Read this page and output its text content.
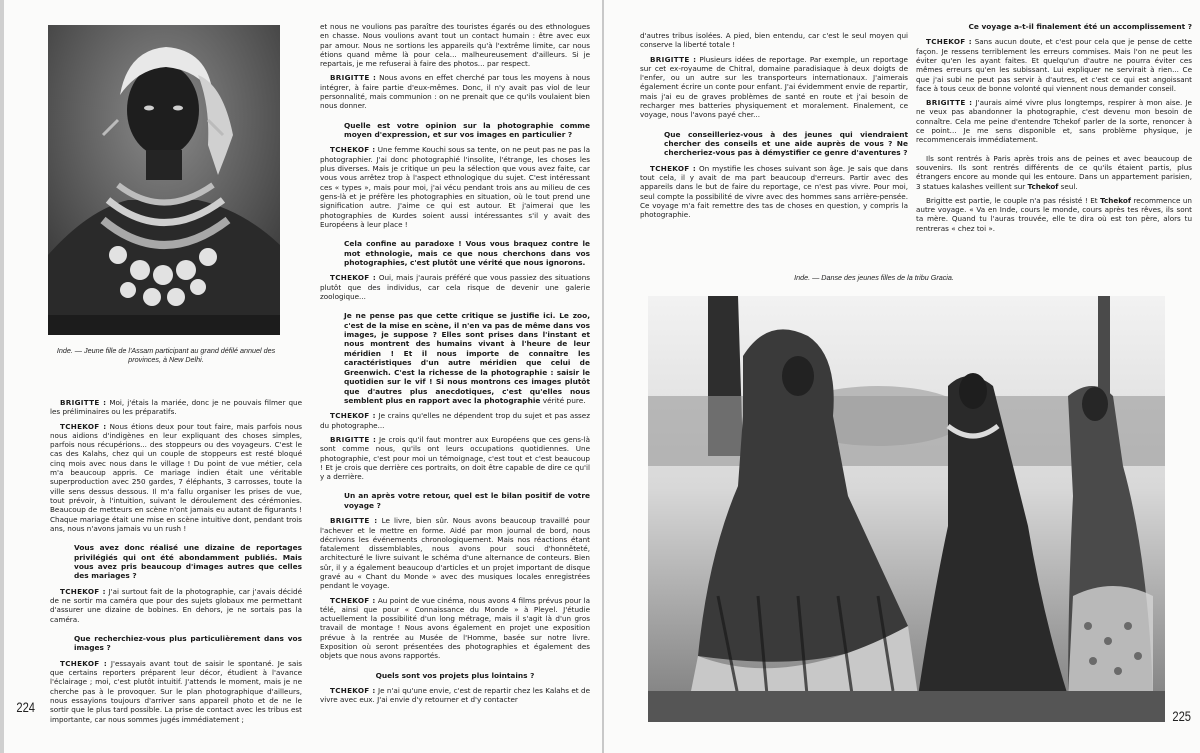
Inde. — Jeune fille de l'Assam participant au grand défilé annuel des provinces, à New Delhi.

BRIGITTE : Moi, j'étais la mariée, donc je ne pouvais filmer que les préliminaires ou les préparatifs.

TCHEKOF : Nous étions deux pour tout faire, mais parfois nous nous aidions d'indigènes en leur expliquant des choses simples, parfois nous récupérions... des stoppeurs ou des voyageurs. C'est le cas des Kalahs, chez qui un couple de stoppeurs est resté bloqué cinq mois avec nous dans le village ! Du point de vue métier, cela m'a beaucoup appris. Ce mariage indien était une véritable superproduction avec 250 gardes, 7 éléphants, 3 carrosses, toute la ville sens dessus dessous. Il m'a fallu organiser les prises de vue, tout prévoir, à l'intuition, suivant le déroulement des cérémonies. Beaucoup de metteurs en scène n'ont jamais eu autant de figurants ! Chaque mariage était une mise en scène intuitive dont, pendant trois ans, nous n'avons jamais vu un rush !

Vous avez donc réalisé une dizaine de reportages privilégiés qui ont été abondamment publiés. Mais vous avez pris beaucoup d'images autres que celles des mariages ?

TCHEKOF : J'ai surtout fait de la photographie, car j'avais décidé de ne sortir ma caméra que pour des sujets globaux me permettant d'assurer une dizaine de bobines. En dehors, je ne sortais pas la caméra.

Que recherchiez-vous plus particulièrement dans vos images ?

TCHEKOF : J'essayais avant tout de saisir le spontané. Je sais que certains reporters préparent leur décor, étudient à l'avance l'éclairage ; moi, c'est plutôt intuitif. J'attends le moment, mais je ne cherche pas à le provoquer. Sur le plan photographique d'ailleurs, nous essayions toujours d'arriver sans appareil photo et de ne le sortir que le plus tard possible. La prise de contact avec les tribus est importante, car nous sommes jugés immédiatement ;

et nous ne voulions pas paraître des touristes égarés ou des ethnologues en chasse. Nous voulions avant tout un contact humain : être avec eux par amour. Nous ne sortions les appareils qu'à l'extrême limite, car nous étions quand même là pour cela... malheureusement d'ailleurs. Si je repartais, je me refuserai à faire des photos... par respect.

BRIGITTE : Nous avons en effet cherché par tous les moyens à nous intégrer, à faire partie d'eux-mêmes. Donc, il n'y avait pas viol de leur personnalité, mais communion : on ne prenait que ce qu'ils voulaient bien nous donner.

Quelle est votre opinion sur la photographie comme moyen d'expression, et sur vos images en particulier ?

TCHEKOF : Une femme Kouchi sous sa tente, on ne peut pas ne pas la photographier. J'ai donc photographié l'insolite, l'étrange, les choses les plus diverses. Mais je critique un peu la sélection que vous avez faite, car vous vous arrêtez trop à l'aspect ethnologique du sujet. C'est intéressant ces « types », mais pour moi, j'ai vécu pendant trois ans au milieu de ces gens-là et je préfère les photographies en situation, où le tout prend une signification autre. J'aime ce qui est autour. Et j'aimerai que les photographies de Kurdes soient aussi intéressantes s'il y avait des Européens à leur place !

Cela confine au paradoxe ! Vous vous braquez contre le mot ethnologie, mais ce que nous cherchons dans vos photographies, c'est plutôt une vérité que nous ignorons.

TCHEKOF : Oui, mais j'aurais préféré que vous passiez des situations plutôt que des individus, car cela risque de devenir une galerie zoologique...

Je ne pense pas que cette critique se justifie ici. Le zoo, c'est de la mise en scène, il n'en va pas de même dans vos images, je suppose ? Elles sont prises dans l'instant et nous montrent des humains vivant à l'heure de leur méridien ! Et il nous importe de connaître les caractéristiques d'un autre méridien que celui de Greenwich. C'est la richesse de la photographie : saisir le quotidien sur le vif ! Si nous montrons ces images plutôt que d'autres plus anecdotiques, c'est qu'elles nous semblent plus en rapport avec la photographie vérité pure.

TCHEKOF : Je crains qu'elles ne dépendent trop du sujet et pas assez du photographe...

BRIGITTE : Je crois qu'il faut montrer aux Européens que ces gens-là sont comme nous, qu'ils ont leurs occupations quotidiennes. Une photographie, c'est pour moi un témoignage, c'est tout et c'est beaucoup ! Et je crois que derrière ces portraits, on doit être capable de dire ce qu'il y a derrière.

Un an après votre retour, quel est le bilan positif de votre voyage ?

BRIGITTE : Le livre, bien sûr. Nous avons beaucoup travaillé pour l'achever et le mettre en forme. Aidé par mon journal de bord, nous décrivons les événements chronologiquement. Mais nos réactions étant fatalement dissemblables, nous avons pour souci d'honnêteté, architecturé le livre suivant le schéma d'une alternance de conteurs. Bien sûr, il y a également beaucoup d'articles et un projet important de disque gravé au « Chant du Monde » avec des musiques locales enregistrées pendant le voyage.

TCHEKOF : Au point de vue cinéma, nous avons 4 films prévus pour la télé, ainsi que pour « Connaissance du Monde » à Pleyel. J'étudie actuellement la possibilité d'un long métrage, mais il s'agit là d'un gros travail de montage ! Nous avons également en projet une exposition prévue à la rentrée au Musée de l'Homme, basée sur notre livre. Exposition où seront présentées des photographies et également des objets que nous avons rapportés.

Quels sont vos projets plus lointains ?

TCHEKOF : Je n'ai qu'une envie, c'est de repartir chez les Kalahs et de vivre avec eux. J'ai envie d'y retourner et d'y contacter

224

d'autres tribus isolées. A pied, bien entendu, car c'est le seul moyen qui conserve la liberté totale !

BRIGITTE : Plusieurs idées de reportage. Par exemple, un reportage sur cet ex-royaume de Chitral, domaine paradisiaque à deux doigts de l'enfer, ou un autre sur les transporteurs internationaux. J'aimerais également écrire un conte pour enfant. J'ai évidemment envie de repartir, mais j'ai eu de graves problèmes de santé en route et j'ai besoin de recharger mes batteries physiquement et moralement. Finalement, ce voyage, nous l'avons payé cher...

Que conseilleriez-vous à des jeunes qui viendraient chercher des conseils et une aide auprès de vous ? Ne chercheriez-vous pas à démystifier ce genre d'aventures ?

TCHEKOF : On mystifie les choses suivant son âge. Je sais que dans tout cela, il y avait de ma part beaucoup d'erreurs. Partir avec des appareils dans le but de faire du reportage, ce n'est pas vivre. Pour moi, seul compte la possibilité de vivre avec des hommes sans arrière-pensée. Ce voyage m'a fait remettre des tas de choses en question, y compris la photographie.

Ce voyage a-t-il finalement été un accomplissement ?

TCHEKOF : Sans aucun doute, et c'est pour cela que je pense de cette façon. Je ressens terriblement les erreurs commises. Mais l'on ne peut les éviter qu'en les ayant faites. Et quelqu'un d'autre ne pourra éviter ces mêmes erreurs qu'en les subissant. Lui expliquer ne servirait à rien... Ce que j'ai subi ne peut pas servir à d'autres, et c'est ce qui est angoissant face à tous ceux de bonne volonté qui viennent nous demander conseil.

BRIGITTE : J'aurais aimé vivre plus longtemps, respirer à mon aise. Je ne veux pas abandonner la photographie, c'est devenu mon besoin de connaître. Cela me peine d'entendre Tchekof parler de la sorte, renoncer à ce point... Je me sens disponible et, sans problème physique, je recommencerais immédiatement.

Ils sont rentrés à Paris après trois ans de peines et avec beaucoup de souvenirs. Ils sont rentrés différents de ce qu'ils étaient partis, plus étrangers encore au monde qui les entoure. Dans un appartement parisien, 3 statues kalashes veillent sur Tchekof seul.

Brigitte est partie, le couple n'a pas résisté ! Et Tchekof recommence un autre voyage. « Va en Inde, cours le monde, cours après tes rêves, ils sont ta mère. Quand tu l'auras trouvée, elle te dira où est ton père, alors tu rentreras « chez toi ».

Inde. — Danse des jeunes filles de la tribu Gracia.
225
